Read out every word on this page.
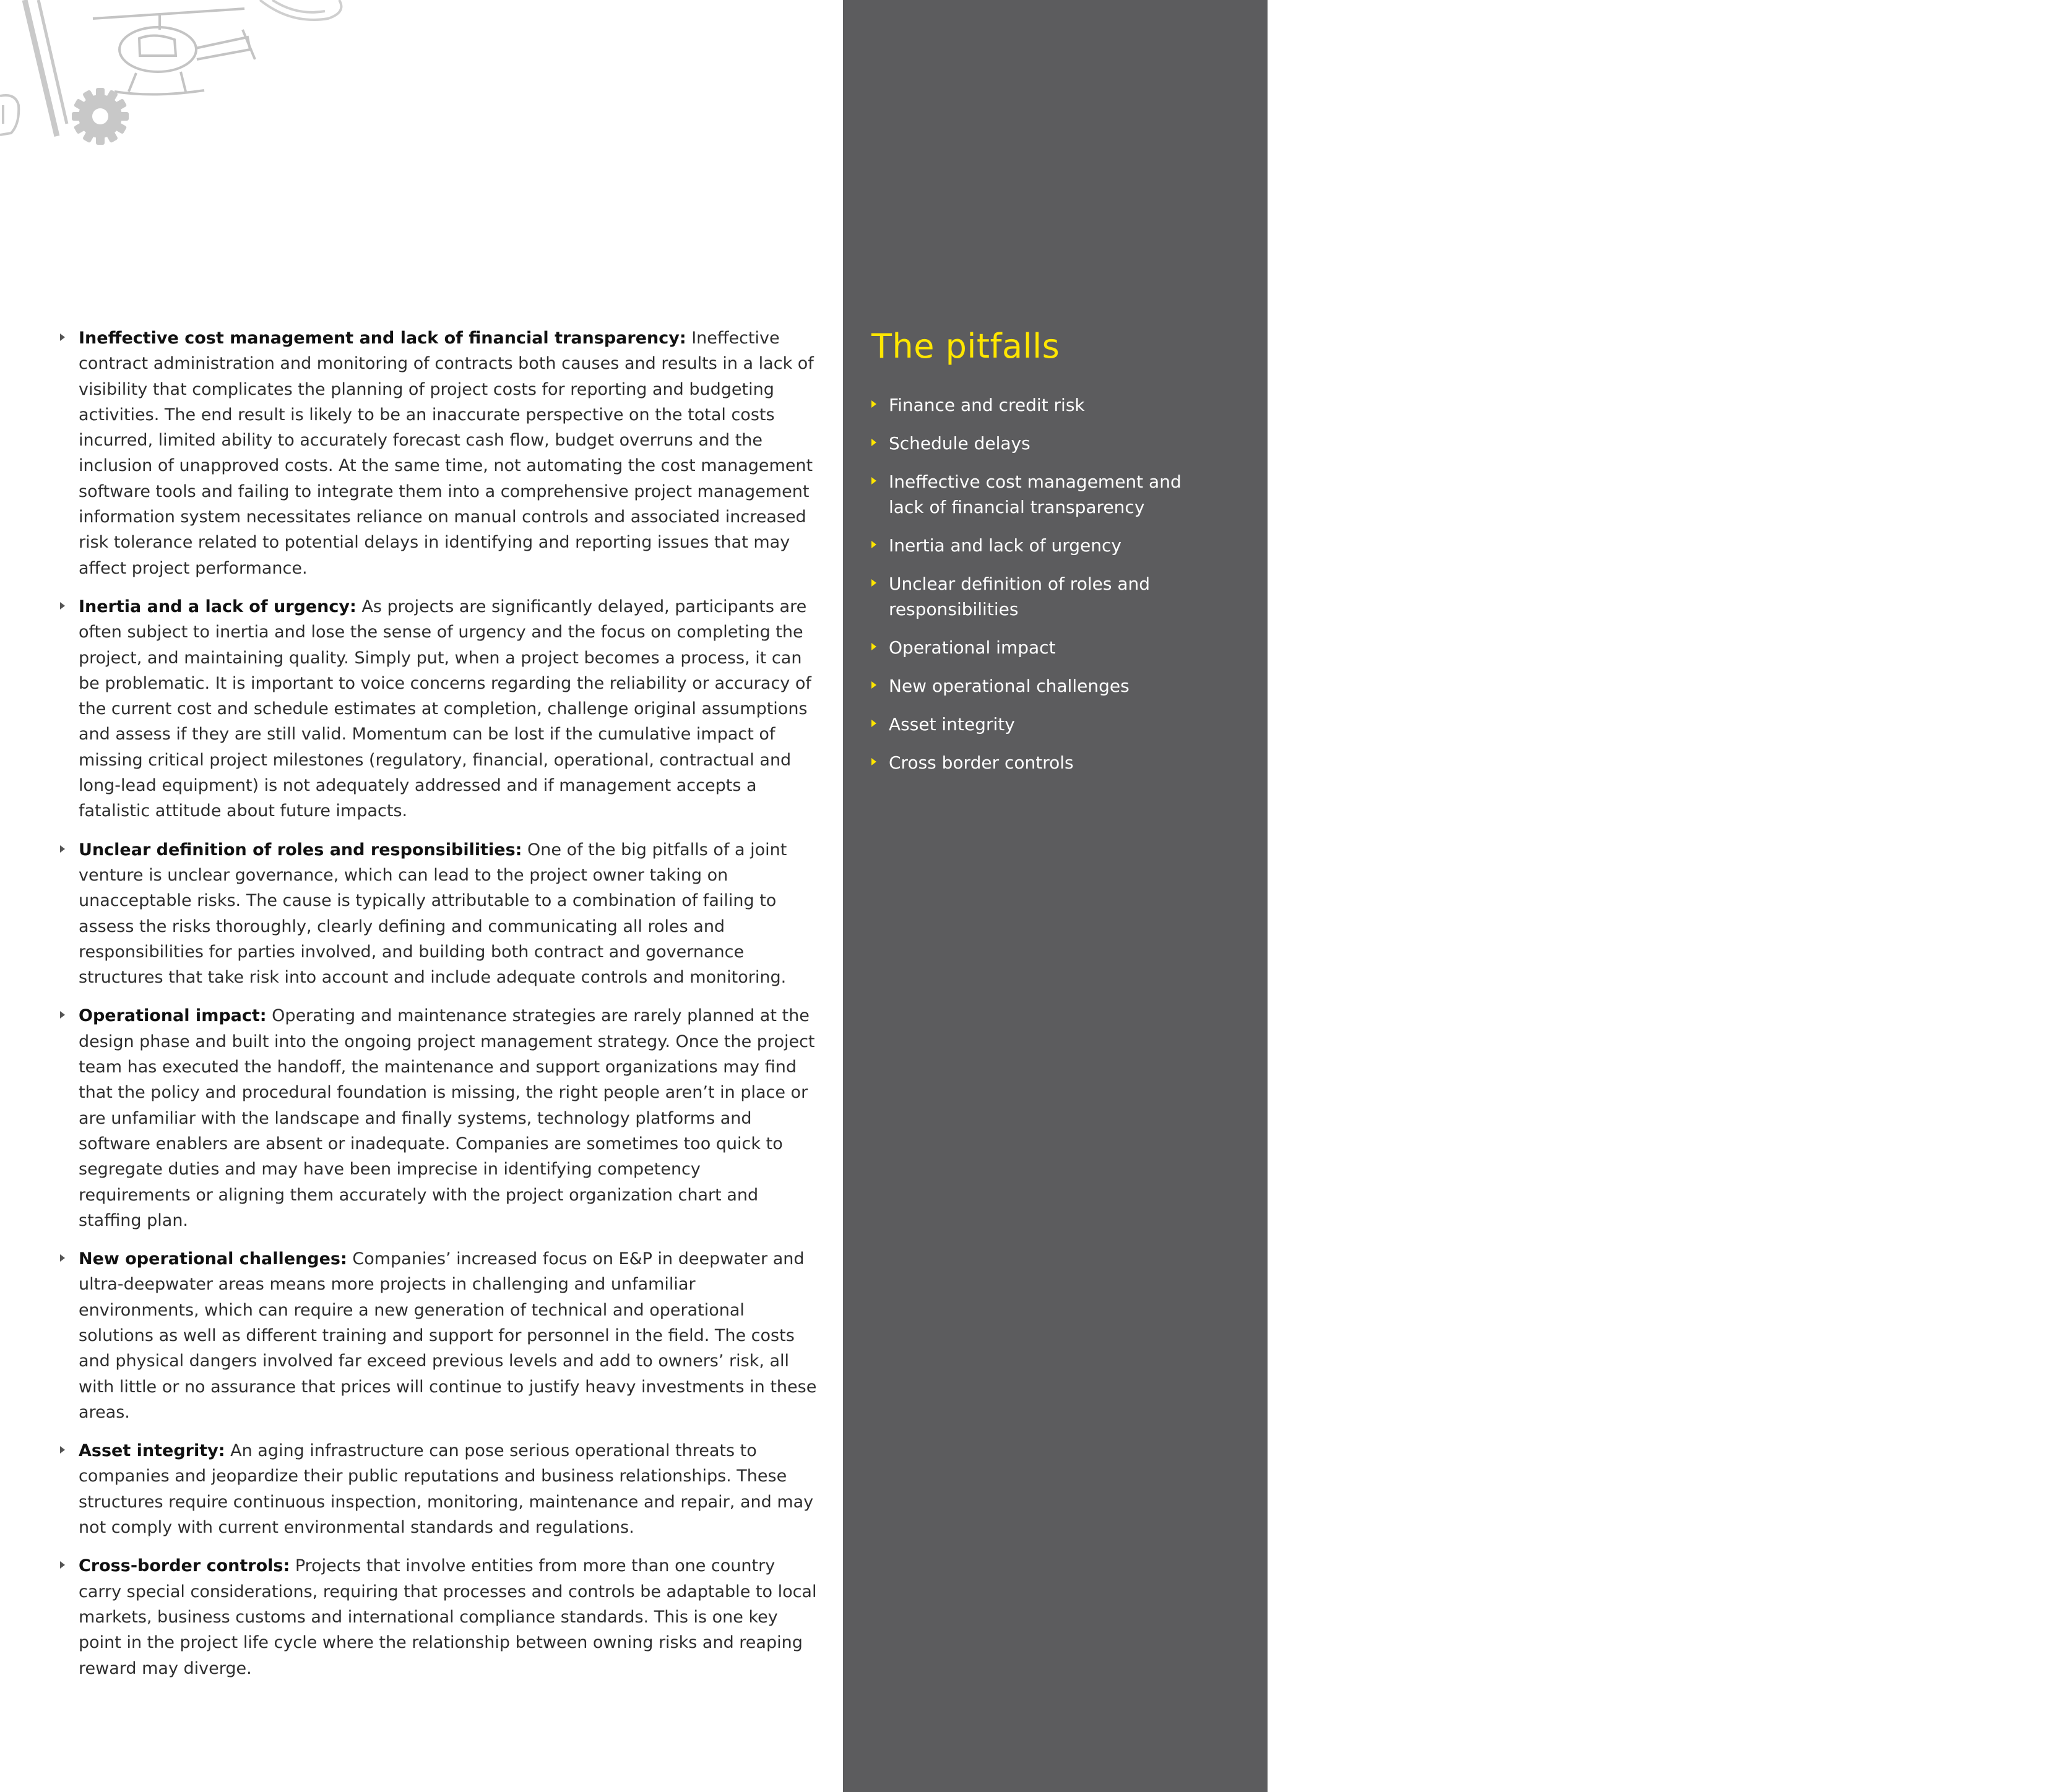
Ineffective cost management and lack of financial transparency: Ineffective contract administration and monitoring of contracts both causes and results in a lack of visibility that complicates the planning of project costs for reporting and budgeting activities. The end result is likely to be an inaccurate perspective on the total costs incurred, limited ability to accurately forecast cash flow, budget overruns and the inclusion of unapproved costs. At the same time, not automating the cost management software tools and failing to integrate them into a comprehensive project management information system necessitates reliance on manual controls and associated increased risk tolerance related to potential delays in identifying and reporting issues that may affect project performance.
Inertia and a lack of urgency: As projects are significantly delayed, participants are often subject to inertia and lose the sense of urgency and the focus on completing the project, and maintaining quality. Simply put, when a project becomes a process, it can be problematic. It is important to voice concerns regarding the reliability or accuracy of the current cost and schedule estimates at completion, challenge original assumptions and assess if they are still valid. Momentum can be lost if the cumulative impact of missing critical project milestones (regulatory, financial, operational, contractual and long-lead equipment) is not adequately addressed and if management accepts a fatalistic attitude about future impacts.
Unclear definition of roles and responsibilities: One of the big pitfalls of a joint venture is unclear governance, which can lead to the project owner taking on unacceptable risks. The cause is typically attributable to a combination of failing to assess the risks thoroughly, clearly defining and communicating all roles and responsibilities for parties involved, and building both contract and governance structures that take risk into account and include adequate controls and monitoring.
Operational impact: Operating and maintenance strategies are rarely planned at the design phase and built into the ongoing project management strategy. Once the project team has executed the handoff, the maintenance and support organizations may find that the policy and procedural foundation is missing, the right people aren’t in place or are unfamiliar with the landscape and finally systems, technology platforms and software enablers are absent or inadequate. Companies are sometimes too quick to segregate duties and may have been imprecise in identifying competency requirements or aligning them accurately with the project organization chart and staffing plan.
New operational challenges: Companies’ increased focus on E&P in deepwater and ultra-deepwater areas means more projects in challenging and unfamiliar environments, which can require a new generation of technical and operational solutions as well as different training and support for personnel in the field. The costs and physical dangers involved far exceed previous levels and add to owners’ risk, all with little or no assurance that prices will continue to justify heavy investments in these areas.
Asset integrity: An aging infrastructure can pose serious operational threats to companies and jeopardize their public reputations and business relationships. These structures require continuous inspection, monitoring, maintenance and repair, and may not comply with current environmental standards and regulations.
Cross-border controls: Projects that involve entities from more than one country carry special considerations, requiring that processes and controls be adaptable to local markets, business customs and international compliance standards. This is one key point in the project life cycle where the relationship between owning risks and reaping reward may diverge.
The pitfalls
Finance and credit risk
Schedule delays
Ineffective cost management and lack of financial transparency
Inertia and lack of urgency
Unclear definition of roles and responsibilities
Operational impact
New operational challenges
Asset integrity
Cross border controls
3
